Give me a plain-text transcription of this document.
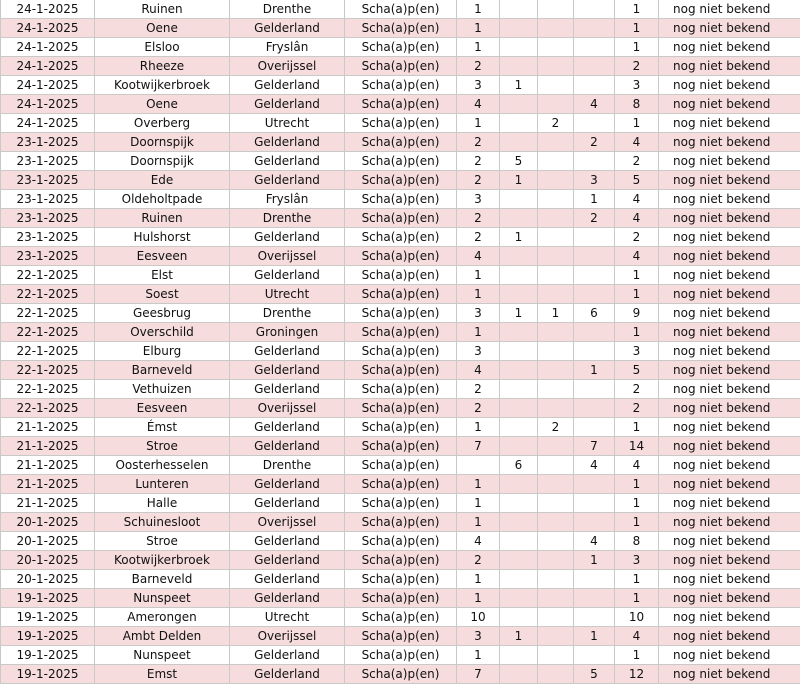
24-1-2025	Ruinen	Drenthe	Scha(a)p(en)	1				1	nog niet bekend
24-1-2025	Oene	Gelderland	Scha(a)p(en)	1				1	nog niet bekend
24-1-2025	Elsloo	Fryslân	Scha(a)p(en)	1				1	nog niet bekend
24-1-2025	Rheeze	Overijssel	Scha(a)p(en)	2				2	nog niet bekend
24-1-2025	Kootwijkerbroek	Gelderland	Scha(a)p(en)	3	1			3	nog niet bekend
24-1-2025	Oene	Gelderland	Scha(a)p(en)	4			4	8	nog niet bekend
24-1-2025	Overberg	Utrecht	Scha(a)p(en)	1		2		1	nog niet bekend
23-1-2025	Doornspijk	Gelderland	Scha(a)p(en)	2			2	4	nog niet bekend
23-1-2025	Doornspijk	Gelderland	Scha(a)p(en)	2	5			2	nog niet bekend
23-1-2025	Ede	Gelderland	Scha(a)p(en)	2	1		3	5	nog niet bekend
23-1-2025	Oldeholtpade	Fryslân	Scha(a)p(en)	3			1	4	nog niet bekend
23-1-2025	Ruinen	Drenthe	Scha(a)p(en)	2			2	4	nog niet bekend
23-1-2025	Hulshorst	Gelderland	Scha(a)p(en)	2	1			2	nog niet bekend
23-1-2025	Eesveen	Overijssel	Scha(a)p(en)	4				4	nog niet bekend
22-1-2025	Elst	Gelderland	Scha(a)p(en)	1				1	nog niet bekend
22-1-2025	Soest	Utrecht	Scha(a)p(en)	1				1	nog niet bekend
22-1-2025	Geesbrug	Drenthe	Scha(a)p(en)	3	1	1	6	9	nog niet bekend
22-1-2025	Overschild	Groningen	Scha(a)p(en)	1				1	nog niet bekend
22-1-2025	Elburg	Gelderland	Scha(a)p(en)	3				3	nog niet bekend
22-1-2025	Barneveld	Gelderland	Scha(a)p(en)	4			1	5	nog niet bekend
22-1-2025	Vethuizen	Gelderland	Scha(a)p(en)	2				2	nog niet bekend
22-1-2025	Eesveen	Overijssel	Scha(a)p(en)	2				2	nog niet bekend
21-1-2025	Émst	Gelderland	Scha(a)p(en)	1		2		1	nog niet bekend
21-1-2025	Stroe	Gelderland	Scha(a)p(en)	7			7	14	nog niet bekend
21-1-2025	Oosterhesselen	Drenthe	Scha(a)p(en)		6		4	4	nog niet bekend
21-1-2025	Lunteren	Gelderland	Scha(a)p(en)	1				1	nog niet bekend
21-1-2025	Halle	Gelderland	Scha(a)p(en)	1				1	nog niet bekend
20-1-2025	Schuinesloot	Overijssel	Scha(a)p(en)	1				1	nog niet bekend
20-1-2025	Stroe	Gelderland	Scha(a)p(en)	4			4	8	nog niet bekend
20-1-2025	Kootwijkerbroek	Gelderland	Scha(a)p(en)	2			1	3	nog niet bekend
20-1-2025	Barneveld	Gelderland	Scha(a)p(en)	1				1	nog niet bekend
19-1-2025	Nunspeet	Gelderland	Scha(a)p(en)	1				1	nog niet bekend
19-1-2025	Amerongen	Utrecht	Scha(a)p(en)	10				10	nog niet bekend
19-1-2025	Ambt Delden	Overijssel	Scha(a)p(en)	3	1		1	4	nog niet bekend
19-1-2025	Nunspeet	Gelderland	Scha(a)p(en)	1				1	nog niet bekend
19-1-2025	Emst	Gelderland	Scha(a)p(en)	7			5	12	nog niet bekend
